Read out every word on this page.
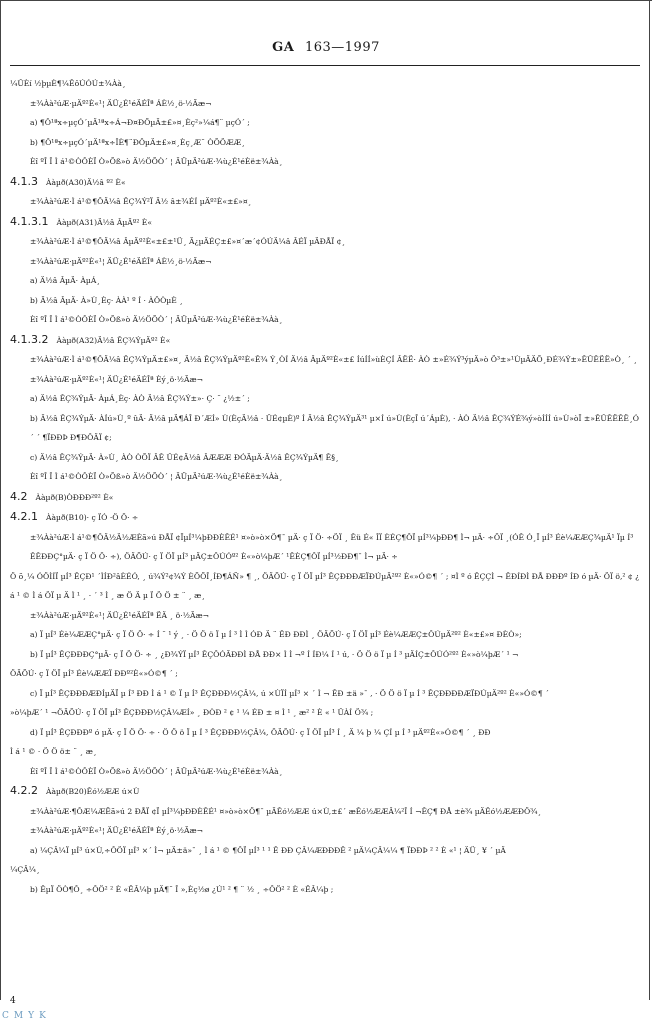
GA 163—1997
¼ÛÈí ½þµÈ¶¼ÊôÚÓÚ±¾Àà¸
±¾Àà²úÆ·µÄº²È«¹¦ ÄÜ¿É¹éÄÉÎª ÁÈ½¸ö·½Ãæ¬
a) ¶Ô¹ªx÷µçÓ´µÄ¹ªx÷Á¬Ð¤ÐÕµÄ±£»¤¸Èç²»¼á¶¨ µçÓ´ ;
b) ¶Ô¹ªx÷µçÓ´µÄ¹ªx÷ÎÈ¶¨ÐÔµÄ±£»¤¸Èç¸Æ¨ ÒÕÖÆÆ¸
Èî ºÎ Î Ì á¹©ÒÔÈÏ Ò»Õß»ò Ä½ÖÕÒ´ ¦ ÄÜµÄ²úÆ·¾ù¿É¹éÈë±¾Àà¸
4.1.3 Ààµð(A30)Ä½â º² È«
±¾Àà²úÆ·Ì á¹©¶ÔÄ¼â ÊÇ¾Ý²Ï Ä½ â±¾ÉÍ µÄº²È«±£»¤¸
4.1.3.1 Ààµð(A31)Ä½â ÂµÄº² È«
±¾Àà²úÆ·Ì á¹©¶ÔÄ¼â ÂµÄº²È«±£±¹Ü¸ Ã¿µÄÉÇ±£»¤´æ´¢ÓÚÄ¼â ÂÉÏ µÄÐÅÏ ¢¸
±¾Àà²úÆ·µÄº²È«¹¦ ÄÜ¿É¹éÄÉÎª ÁÈ½¸ö·½Ãæ¬
a) Ä½â ÂµÄ· ÀµÁ¸
b) Ä½â ÂµÄ· À»Ù¸Èç· ÀÀ¹ º Í · ÀÔÒµÈ ¸
Èî ºÎ Î Ì á¹©ÒÔÈÏ Ò»Õß»ò Ä½ÖÕÒ´ ¦ ÄÜµÄ²úÆ·¾ù¿É¹éÈë±¾Àà¸
4.1.3.2 Ààµð(A32)Ä½â ÊÇ¾ÝµÄº² È«
±¾Àà²úÆ·Ì á¹©¶ÔÄ¼â ÊÇ¾ÝµÄ±£»¤¸ Ä½â ÊÇ¾ÝµÄº²È«Ê¾ Ý¸ÒÍ Ä½â ÂµÄº²È«±£ ÍúÍÍ»ùÈÇÍ ÂËË· ÀÒ ±»É¾Ý³ýµÄ»ò Ö³±»¹ÙµÄÄÕ¸ÐÉ¾Ý±»ÊÛÊËË»Ò¸ ´ ¸
±¾Àà²úÆ·µÄº²È«¹¦ ÄÜ¿É¹éÄÉÎª Èý¸ö·½Ãæ¬
a) Ä½â ÊÇ¾ÝµÄ· ÀµÁ¸Èç· ÀÒ Ä½â ÊÇ¾Ý±»· Ç· ¨ ¿½±´ ;
b) Ä½â ÊÇ¾ÝµÄ· ÀÍú»Ù¸º ûÄ· Ä½â µÄ¶ÁÎ Ð´ÆÍ» Ù(ÈçÄ½â · ÛÉ¢µÈ)º Í Ä½â ÊÇ¾ÝµÄ³¹ µ×Í ú»Ù(ÈçÎ ú´ÁµÈ), · ÀÒ Ä½â ÊÇ¾ÝÉ¾ý»òÍÍÍ ú»Ù»òÏ ±»ÊÛÊËÊË¸Ó´ ´ ¶ÏÐÐÞ Ð¶ÐÔÄÏ ¢;
c) Ä½â ÊÇ¾ÝµÄ· À»Ù¸ ÀÒ ÒÕÏ ÂÊ ÛÉ¢Ä½â ÂÆÆÆ ÐÓÃµÄ·Ä½â ÊÇ¾ÝµÄ¶ Ê§¸
Èî ºÎ Î Ì á¹©ÒÔÈÏ Ò»Õß»ò Ä½ÖÕÒ´ ¦ ÄÜµÄ²úÆ·¾ù¿É¹éÈë±¾Àà¸
4.2 Ààµð(B)ÒÐÐÐ²º² È«
4.2.1 Ààµð(B10)· ç ÏÓ ·Ö Ö· ÷
±¾Àà²úÆ·Ì á¹©¶ÔÄ½Ä½ÆÈã»ú ÐÅÏ ¢ÏµÍ³¼þÐÐÈÊÉ¹ ¤»ò»ò×Ö¶¯ µÄ· ç Ï Ö· ÷ÖÏ ¸ Êü É« ÎÏ ÈÉÇ¶ÔÏ µÍ³¼þÐÐ¶ Ì¬ µÄ· ÷ÖÏ ¸(ÓÊ Ó¸Ï µÍ³ Éè¼ÆÆÇ¾µÄ¹ Ïµ Í³ ÊÊÐÐÇ°µÄ· ç Ï Ö Ö· ÷), ÖÄÕÚ· ç Ï ÖÏ µÍ³ µÄÇ±ÔÚÓº² È«»ò¼þÆ´ ¹ÊÈÇ¶ÔÏ µÍ³½ÐÐ¶¯ Ì¬ µÄ· ÷
Ö õ¸¼ ÓÖÌÍÏ µÍ³ ÊÇÐ¹ ´ÌÍÐ²âÈÉÓ, ¸ ú¾Ý²¢¾Ý ÈÕÕÎ¸ÍÐ¶ÁÑ» ¶ ¸, ÖÄÕÚ· ç Ï ÖÏ µÍ³ ÊÇÐÐÐÆÏÐÚµÄ²º² È«»Ó©¶ ´ ; ¤Ì º ó ÊÇÇÌ ¬ ÊÐÍÐÌ ÐÅ ÐÐÐº ÍÐ ó µÄ· ÖÏ ö,² ¢ ¿ á ¹ © Ì á ÖÏ µ Ä Ì ¹ ¸ · ´ ³ Ì ¸ æ Ö Ä µ Ï Ö Ö ± ¨ ¸ æ¸
±¾Àà²úÆ·µÄº²È«¹¦ ÄÜ¿É¹éÄÉÎª ËÄ ¸ ö·½Ãæ¬
a) Ï µÍ³ Éè¼ÆÆÇ°µÄ· ç Ï Ö Ö· ÷ Í ¨ ¹ ý ¸ · Ö Ö ö Ï µ Í ³ Ì Ì ÓÐ Ä ¨ ÊÐ ÐÐÌ ¸ ÖÄÕÚ· ç Ï ÖÏ µÍ³ Éè¼ÆÆÇ±ÔÚµÄ²º² È«±£»¤ ÐÈÒ»;
b) Ï µÍ³ ÊÇÐÐÐÇ°µÄ· ç Ï Ö Ö· ÷ ¸ ¿Ð¾ÝÏ µÍ³ ÊÇÔÓÃÐÐÌ ÐÅ ÐÐ× Ì Ì ¬º Í ÍÐ¼ Í ¹ ú, · Ö Ö ö Ï µ Í ³ µÄÍÇ±ÔÚÓ²º² È«»ò¼þÆ´ ¹ ¬
ÖÄÕÚ· ç Ï ÖÏ µÍ³ Éè¼ÆÆÏ ÐÐº²È«»Ó©¶ ´ ;
c) Ï µÍ³ ÊÇÐÐÐÆÐÍµÄÏ µ Í³ ÐÐ Ì á ¹ © Ï µ Í³ ÊÇÐÐÐ½ÇÂ¼, ú ×ÙÏÍ µÍ³ × ´ Ì ¬ ÊÐ ±ä »¯ , · Ö Ö ö Ï µ Í ³ ÊÇÐÐÐÐÆÏÐÚµÄ²º² È«»Ó©¶ ´
»ò¼þÆ´ ¹ ¬ÖÄÕÚ· ç Ï ÖÏ µÍ³ ÊÇÐÐÐ½ÇÂ¼ÆÍ» ¸ ÐÒÐ ² ¢ ¹ ¼ ÉÐ ± ¤ Ì ¹ ¸ æ² ² È « ¹ ÛÀÍ Ö¾ ;
d) Ï µÍ³ ÊÇÐÐÐº ó µÄ· ç Ï Ö Ö· ÷ · Ö Ö ö Ï µ Í ³ ÊÇÐÐÐ½ÇÂ¼, ÖÄÕÚ· ç Ï ÖÏ µÍ³ Í ¸ Ä ¼ þ ¼ ÇÍ µ Í ³ µÄº²È«»Ó©¶ ´ ¸ ÐÐ
Ì á ¹ © · Ö Ö ö± ¨ ¸ æ¸
Èî ºÎ Î Ì á¹©ÒÔÈÏ Ò»Õß»ò Ä½ÖÕÒ´ ¦ ÄÜµÄ²úÆ·¾ù¿É¹éÈë±¾Àà¸
4.2.2 Ààµð(B20)Êó½ÆÆ ú×Ù
±¾Àà²úÆ·¶ÔÆ¼ÆËã»ú 2 ÐÅÏ ¢Ï µÍ³¼þÐÐÈÊÉ¹ ¤»ò»ò×Ö¶¯ µÄÊó½ÆÆ ú×Ù,±£´ æÊó½ÆÆÂ¼²Î Í ¬ÊÇ¶ ÐÅ ±è¾ µÄÊó½ÆÆÐÖ¾¸
±¾Àà²úÆ·µÄº²È«¹¦ ÄÜ¿É¹éÄÉÎª Èý¸ö·½Ãæ¬
a) ¼ÇÂ¼Ï µÍ³ ú×Ù,÷ÔÖÏ µÍ³ ×´ Ì¬ µÄ±ä»¯ ¸ Ì á ¹ © ¶ÔÏ µÍ³ ¹ ¹ Ê ÐÐ ÇÂ¼ÆÐÐÐÊ ² µÄ¼ÇÂ¼¼ ¶ ÏÐÐÞ ² ² È «¹ ¦ ÄÜ¸ ¥ ´ µÄ
¼ÇÂ¼¸
b) ÊµÏ ÖÒ¶Ô¸ ÷ÔÖ² ² È «ÊÂ¼þ µÄ¶¨ Î »,Èç½ø ¿Ú¹ ² ¶ ¨ ½ ¸ ÷ÔÖ² ² È «ÊÂ¼þ ;
4
CMYK
